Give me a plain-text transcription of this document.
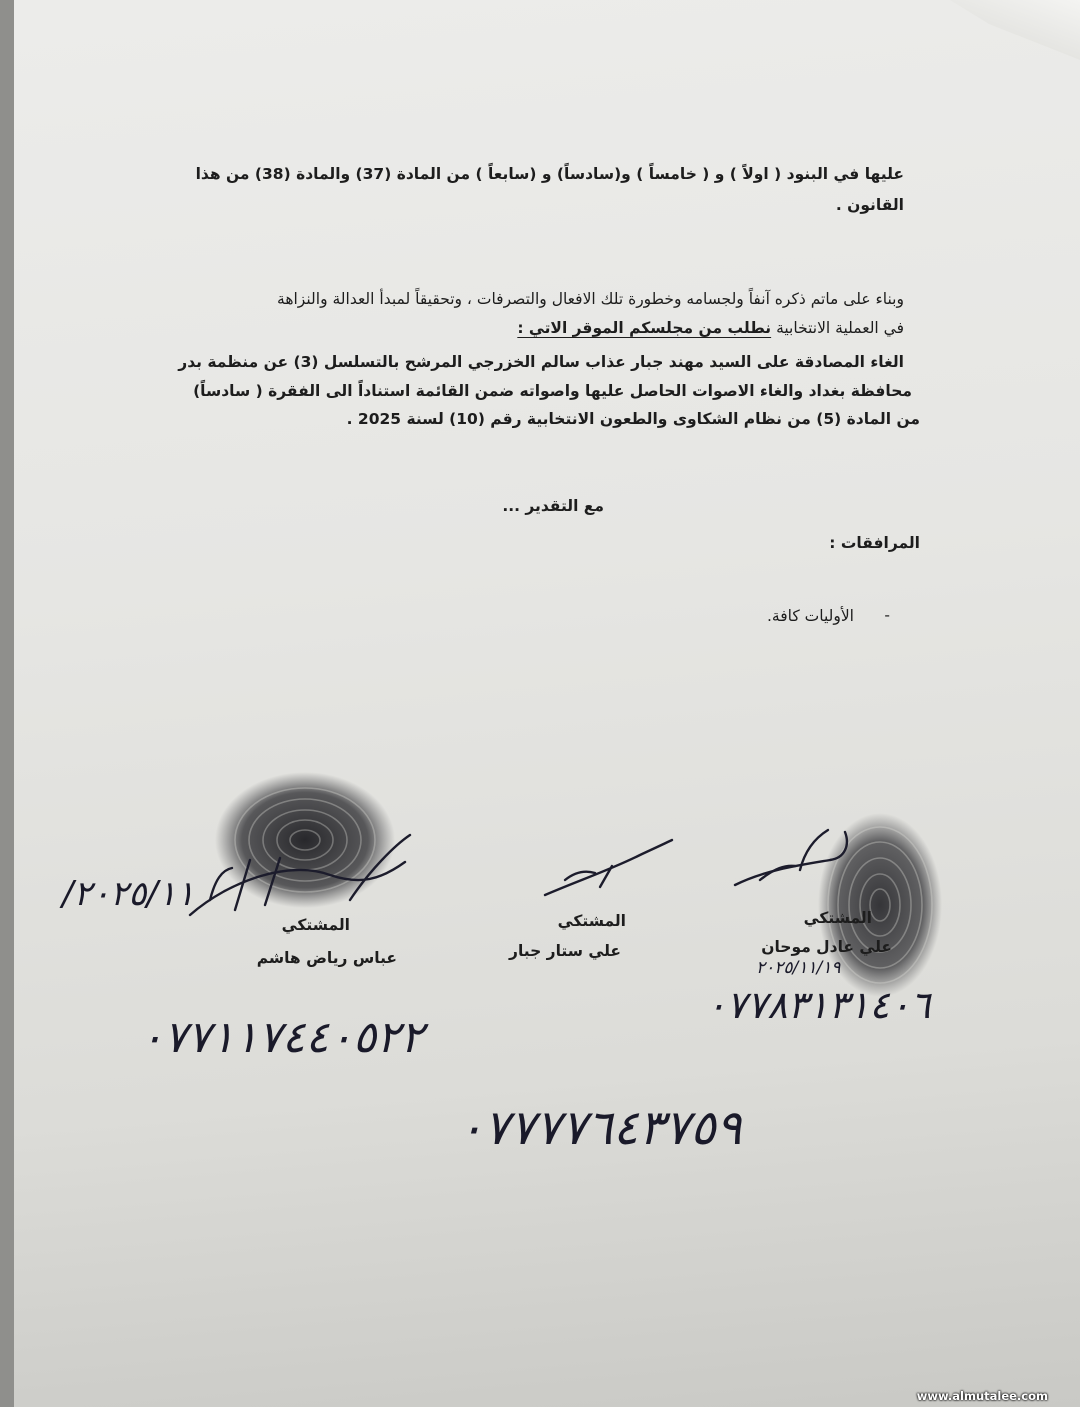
عليها في البنود ( اولاً ) و ( خامساً ) و(سادساً) و (سابعاً ) من المادة (37) والمادة (38) من هذا
القانون .
وبناء على ماتم ذكره آنفاً ولجسامه وخطورة تلك الافعال والتصرفات ، وتحقيقاً لمبدأ العدالة والنزاهة
في العملية الانتخابية نطلب من مجلسكم الموقر الاتي :
الغاء المصادقة على السيد مهند جبار عذاب سالم الخزرجي المرشح بالتسلسل (3) عن منظمة بدر
محافظة بغداد والغاء الاصوات الحاصل عليها واصواته ضمن القائمة استناداً الى الفقرة ( سادساً)
من المادة (5) من نظام الشكاوى والطعون الانتخابية رقم (10) لسنة 2025 .
مع التقدير ...
المرافقات :
-
الأوليات كافة.
المشتكي
عباس رياض هاشم
المشتكي
علي ستار جبار
المشتكي
علي عادل موحان
٢٠٢٥/١١/
٢٠٢٥/١١/١٩
٠٧٧١١٧٤٤٠٥٢٢
٠٧٧٨٣١٣١٤٠٦
٠٧٧٧٧٦٤٣٧٥٩
www.almutalee.com
